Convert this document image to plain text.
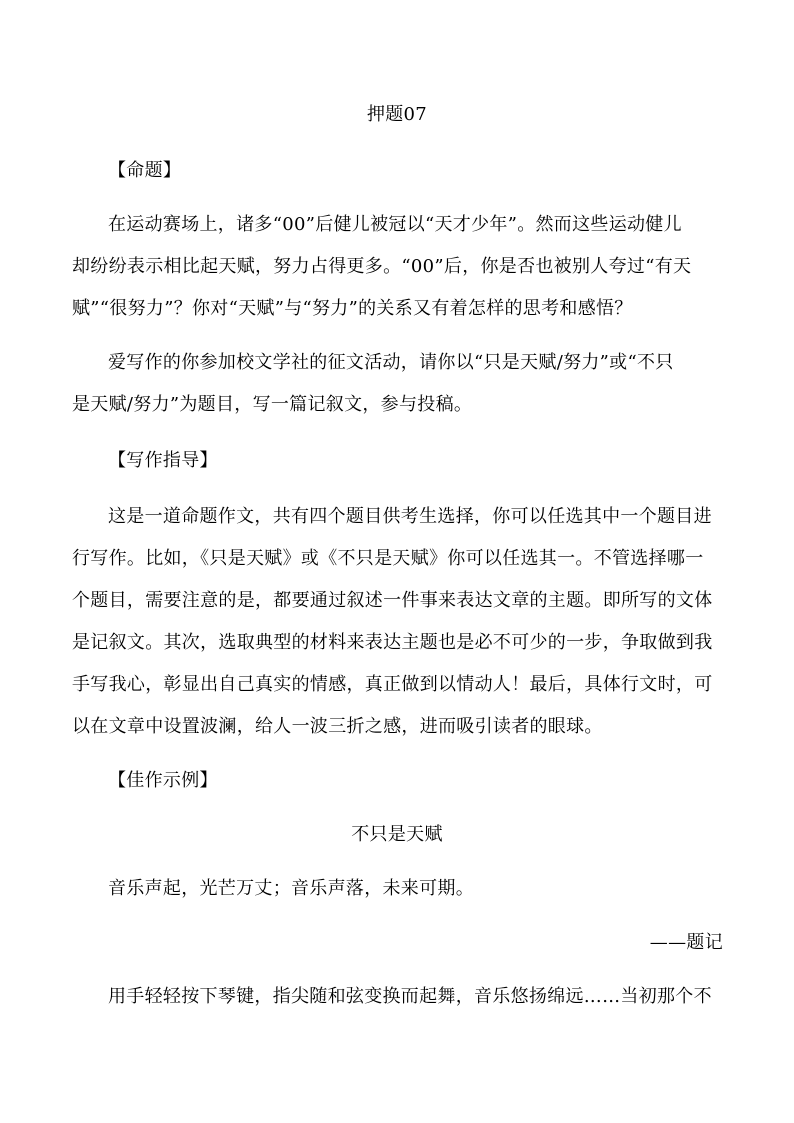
押题07
【命题】
在运动赛场上，诸多“00”后健儿被冠以“天才少年”。然而这些运动健儿
却纷纷表示相比起天赋，努力占得更多。“00”后，你是否也被别人夸过“有天
赋”“很努力”？你对“天赋”与“努力”的关系又有着怎样的思考和感悟？
爱写作的你参加校文学社的征文活动，请你以“只是天赋/努力”或“不只
是天赋/努力”为题目，写一篇记叙文，参与投稿。
【写作指导】
这是一道命题作文，共有四个题目供考生选择，你可以任选其中一个题目进
行写作。比如，《只是天赋》或《不只是天赋》你可以任选其一。不管选择哪一
个题目，需要注意的是，都要通过叙述一件事来表达文章的主题。即所写的文体
是记叙文。其次，选取典型的材料来表达主题也是必不可少的一步，争取做到我
手写我心，彰显出自己真实的情感，真正做到以情动人！最后，具体行文时，可
以在文章中设置波澜，给人一波三折之感，进而吸引读者的眼球。
【佳作示例】
不只是天赋
音乐声起，光芒万丈；音乐声落，未来可期。
——题记
用手轻轻按下琴键，指尖随和弦变换而起舞，音乐悠扬绵远……当初那个不
